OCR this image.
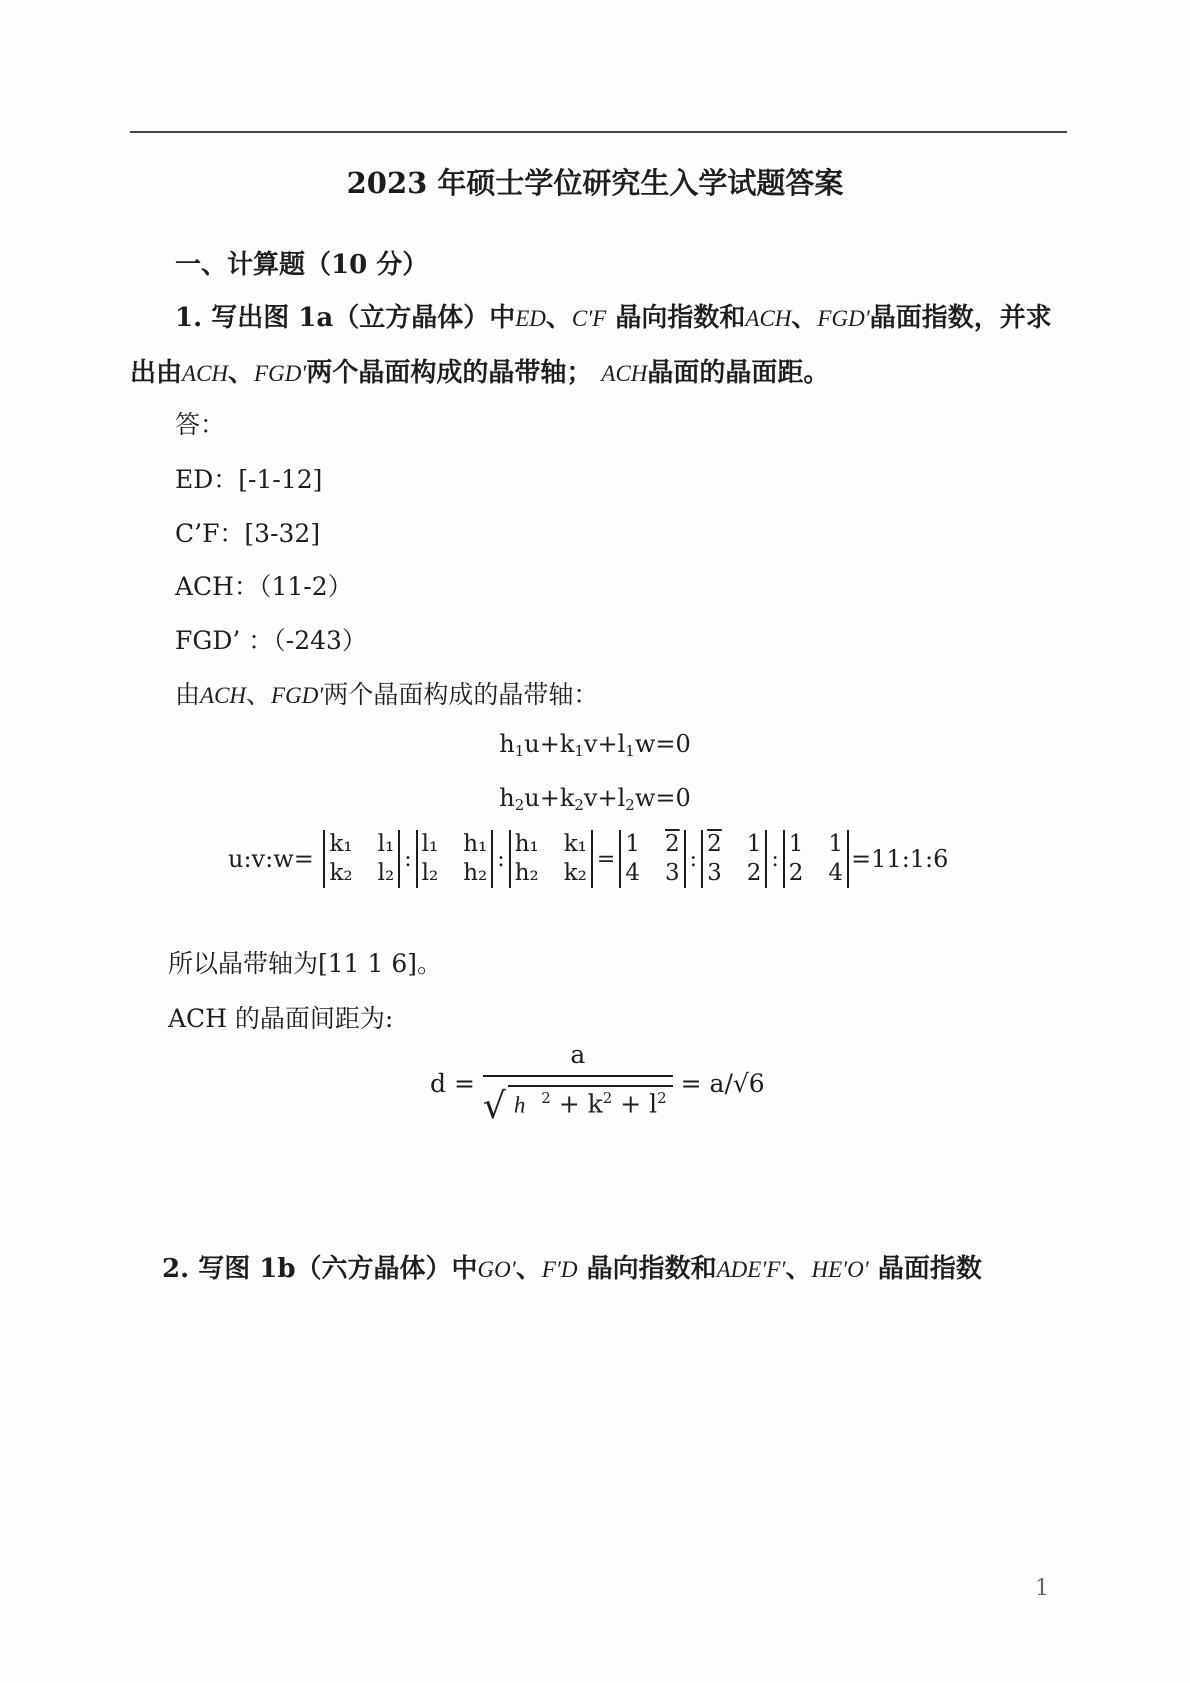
2023 年硕士学位研究生入学试题答案
一、计算题（10 分）
1. 写出图 1a（立方晶体）中ED、C′F 晶向指数和ACH、FGD′晶面指数，并求
出由ACH、FGD′两个晶面构成的晶带轴； ACH晶面的晶面距。
答：
ED：[-1-12]
C’F：[3-32]
ACH：（11-2）
FGD’ ：（-243）
由ACH、FGD′两个晶面构成的晶带轴：
$h_1u+k_1v+l_1w=0$
$h_2u+k_2v+l_2w=0$
u:v:w=
k₁	l₁
k₂	l₂
:
l₁	h₁
l₂	h₂
:
h₁	k₁
h₂	k₂
=
1	2
4	3
:
2	1
3	2
:
1	1
2	4 =11:1:6
所以晶带轴为[11 1 6]。
ACH 的晶面间距为:
$d = \frac{a}{√ h ^2 + k^2 + l^2} = a/√6$
2. 写图 1b（六方晶体）中GO′、F′D 晶向指数和ADE′F′、HE′O′ 晶面指数
1
